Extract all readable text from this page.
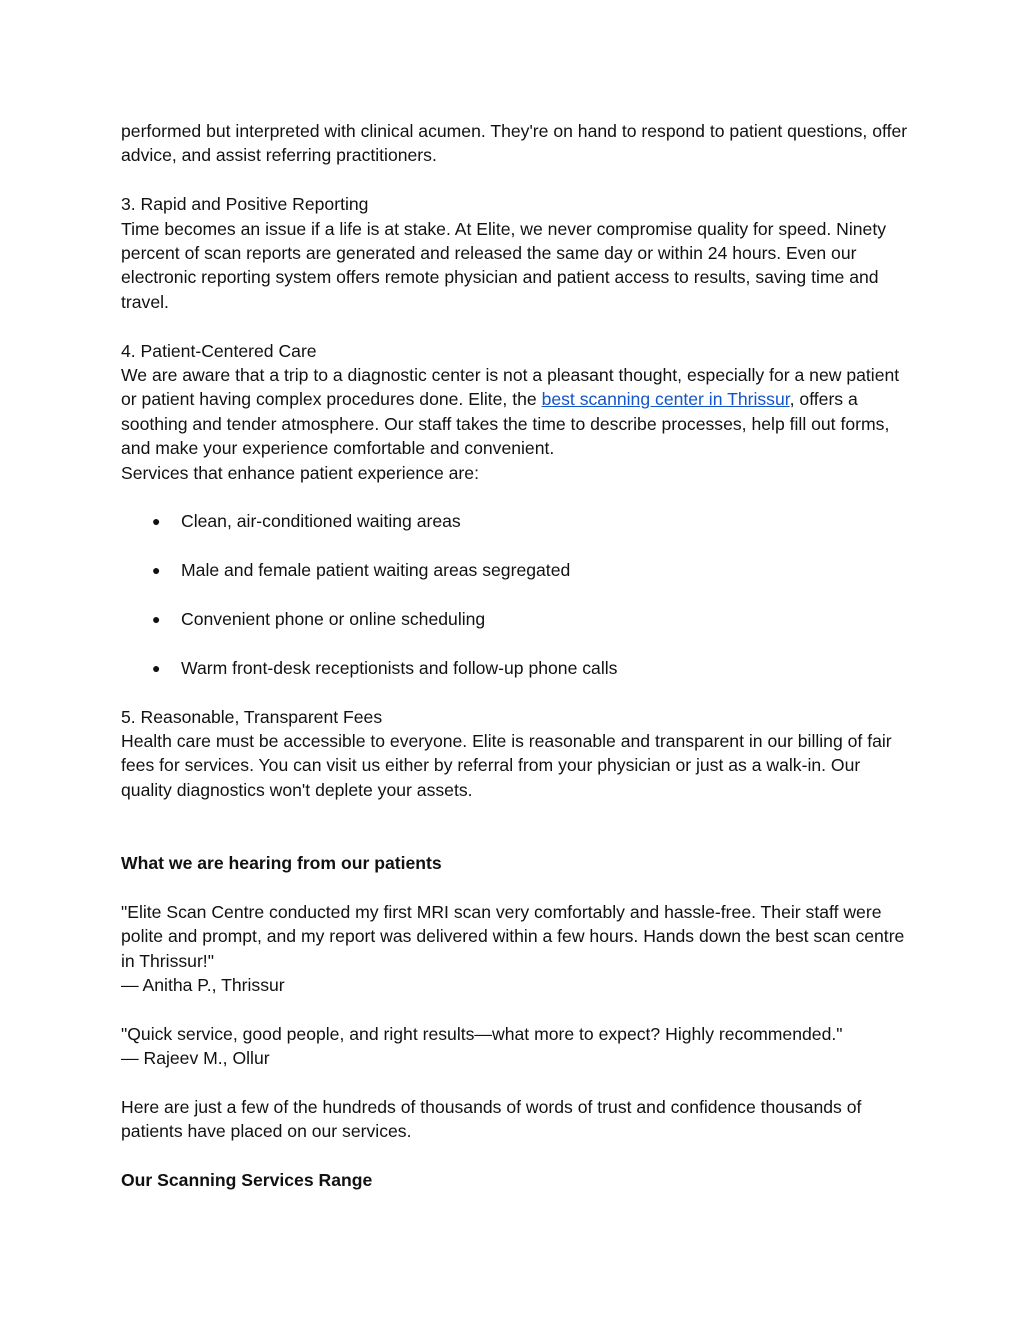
performed but interpreted with clinical acumen. They're on hand to respond to patient questions, offer advice, and assist referring practitioners.

3. Rapid and Positive Reporting

Time becomes an issue if a life is at stake. At Elite, we never compromise quality for speed. Ninety percent of scan reports are generated and released the same day or within 24 hours. Even our electronic reporting system offers remote physician and patient access to results, saving time and travel.

4. Patient-Centered Care

We are aware that a trip to a diagnostic center is not a pleasant thought, especially for a new patient or patient having complex procedures done. Elite, the best scanning center in Thrissur, offers a soothing and tender atmosphere. Our staff takes the time to describe processes, help fill out forms, and make your experience comfortable and convenient.

Services that enhance patient experience are:

● Clean, air-conditioned waiting areas
● Male and female patient waiting areas segregated
● Convenient phone or online scheduling
● Warm front-desk receptionists and follow-up phone calls

5. Reasonable, Transparent Fees

Health care must be accessible to everyone. Elite is reasonable and transparent in our billing of fair fees for services. You can visit us either by referral from your physician or just as a walk-in. Our quality diagnostics won't deplete your assets.

What we are hearing from our patients

"Elite Scan Centre conducted my first MRI scan very comfortably and hassle-free. Their staff were polite and prompt, and my report was delivered within a few hours. Hands down the best scan centre in Thrissur!"

— Anitha P., Thrissur

"Quick service, good people, and right results—what more to expect? Highly recommended."

— Rajeev M., Ollur

Here are just a few of the hundreds of thousands of words of trust and confidence thousands of patients have placed on our services.

Our Scanning Services Range
